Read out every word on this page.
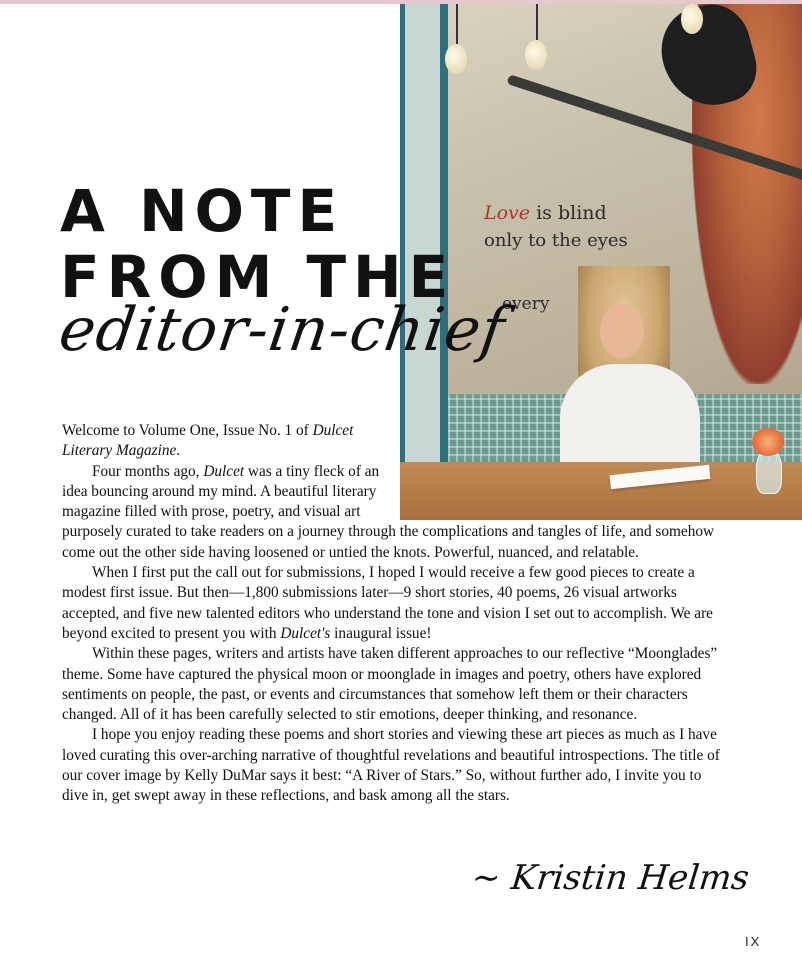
Love is blind
only to the eyes
every
A NOTE
FROM THE
editor-in-chief

Welcome to Volume One, Issue No. 1 of Dulcet Literary Magazine.

Four months ago, Dulcet was a tiny fleck of an idea bouncing around my mind. A beautiful literary magazine filled with prose, poetry, and visual art purposely curated to take readers on a journey through the complications and tangles of life, and somehow come out the other side having loosened or untied the knots. Powerful, nuanced, and relatable.

When I first put the call out for submissions, I hoped I would receive a few good pieces to create a modest first issue. But then—1,800 submissions later—9 short stories, 40 poems, 26 visual artworks accepted, and five new talented editors who understand the tone and vision I set out to accomplish. We are beyond excited to present you with Dulcet's inaugural issue!

Within these pages, writers and artists have taken different approaches to our reflective “Moonglades” theme. Some have captured the physical moon or moonglade in images and poetry, others have explored sentiments on people, the past, or events and circumstances that somehow left them or their characters changed. All of it has been carefully selected to stir emotions, deeper thinking, and resonance.

I hope you enjoy reading these poems and short stories and viewing these art pieces as much as I have loved curating this over-arching narrative of thoughtful revelations and beautiful introspections. The title of our cover image by Kelly DuMar says it best: “A River of Stars.” So, without further ado, I invite you to dive in, get swept away in these reflections, and bask among all the stars.

~ Kristin Helms
IX
